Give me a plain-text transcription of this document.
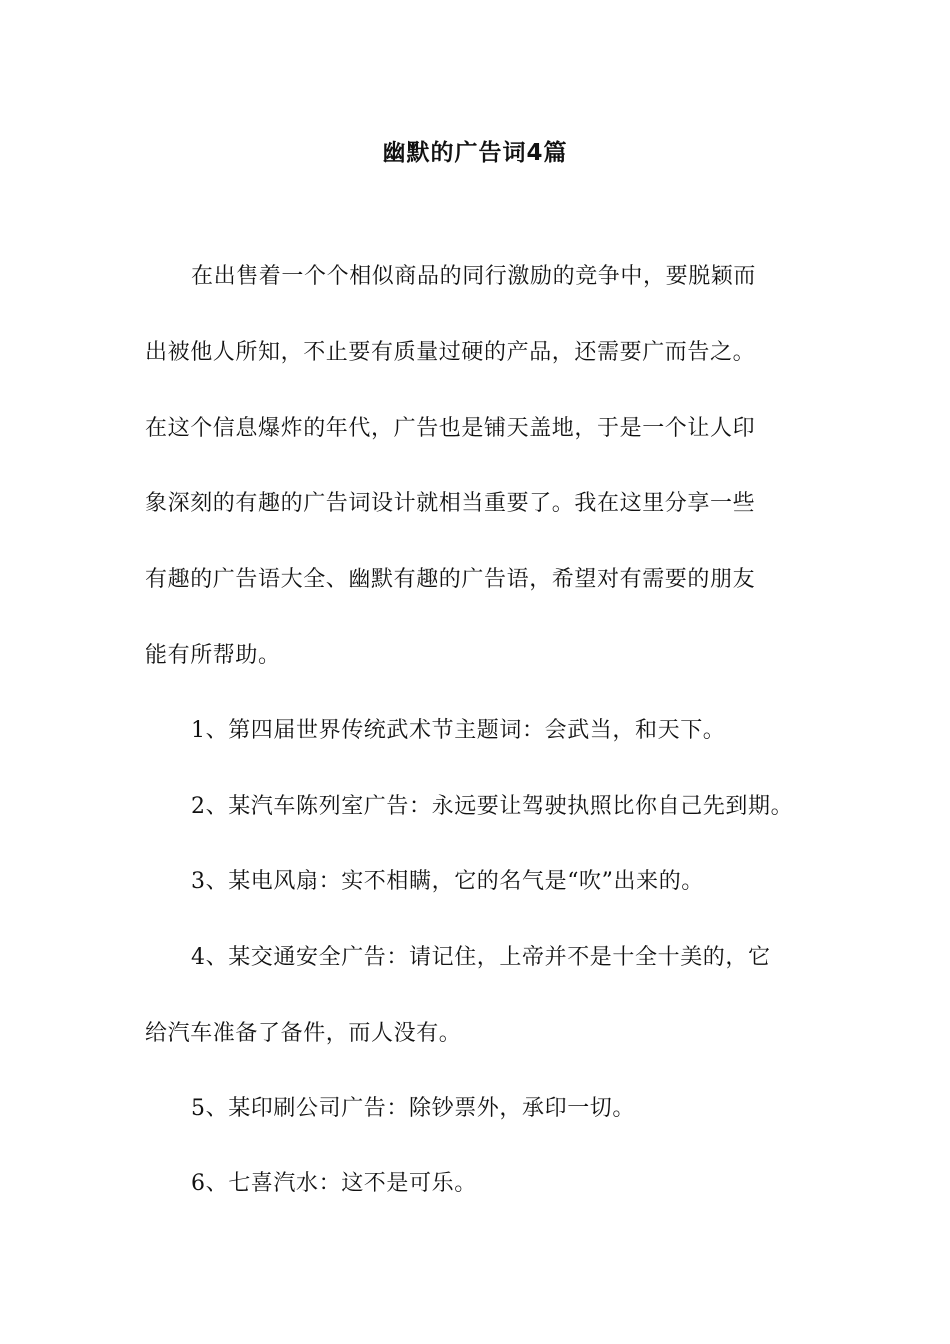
幽默的广告词4篇
在出售着一个个相似商品的同行激励的竞争中，要脱颖而
出被他人所知，不止要有质量过硬的产品，还需要广而告之。
在这个信息爆炸的年代，广告也是铺天盖地，于是一个让人印
象深刻的有趣的广告词设计就相当重要了。我在这里分享一些
有趣的广告语大全、幽默有趣的广告语，希望对有需要的朋友
能有所帮助。
1、第四届世界传统武术节主题词：会武当，和天下。
2、某汽车陈列室广告：永远要让驾驶执照比你自己先到期。
3、某电风扇：实不相瞒，它的名气是“吹”出来的。
4、某交通安全广告：请记住，上帝并不是十全十美的，它
给汽车准备了备件，而人没有。
5、某印刷公司广告：除钞票外，承印一切。
6、七喜汽水：这不是可乐。
